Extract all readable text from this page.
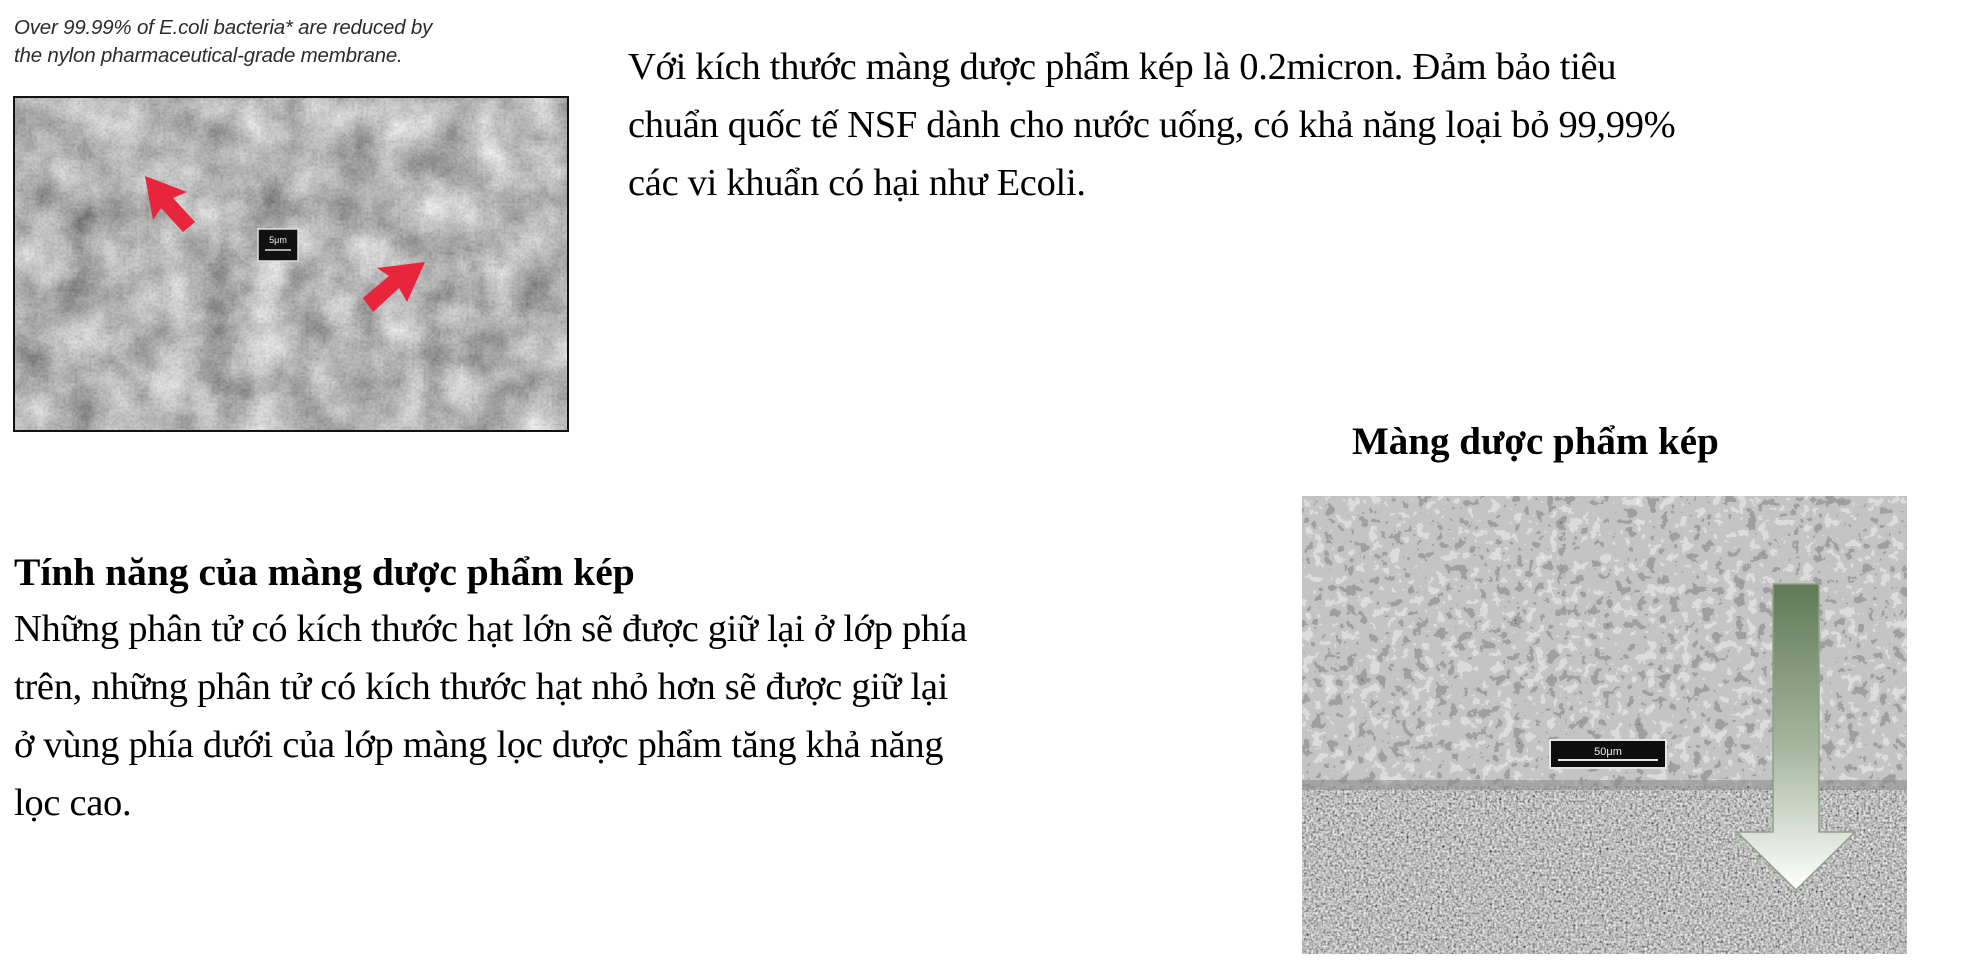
Over 99.99% of E.coli bacteria* are reduced by
the nylon pharmaceutical-grade membrane.
5μm
Với kích thước màng dược phẩm kép là 0.2micron. Đảm bảo tiêu
chuẩn quốc tế NSF dành cho nước uống, có khả năng loại bỏ 99,99%
các vi khuẩn có hại như Ecoli.
Màng dược phẩm kép
Tính năng của màng dược phẩm kép
Những phân tử có kích thước hạt lớn sẽ được giữ lại ở lớp phía
trên, những phân tử có kích thước hạt nhỏ hơn sẽ được giữ lại
ở vùng phía dưới của lớp màng lọc dược phẩm tăng khả năng
lọc cao.
50μm
